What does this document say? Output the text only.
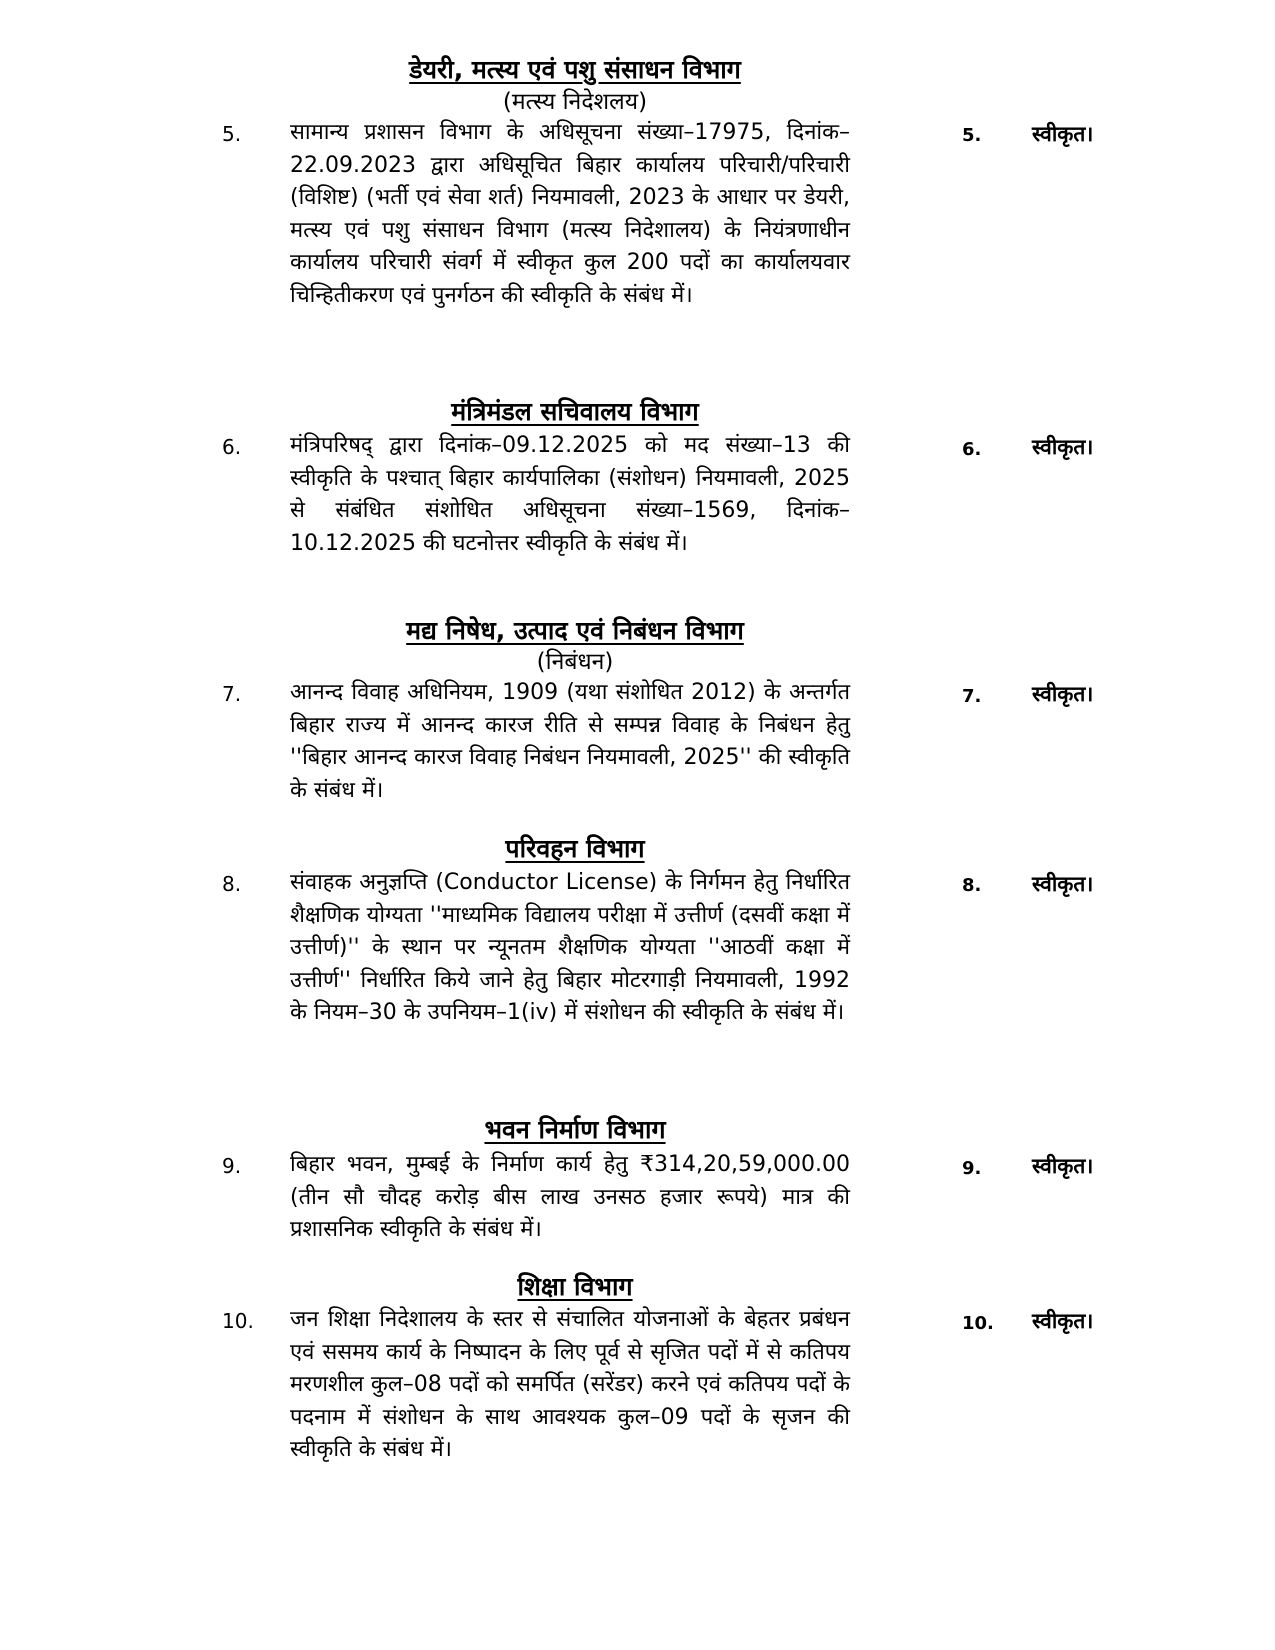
डेयरी, मत्स्य एवं पशु संसाधन विभाग
(मत्स्य निदेशलय)
5. सामान्य प्रशासन विभाग के अधिसूचना संख्या–17975, दिनांक–22.09.2023 द्वारा अधिसूचित बिहार कार्यालय परिचारी/परिचारी (विशिष्ट) (भर्ती एवं सेवा शर्त) नियमावली, 2023 के आधार पर डेयरी, मत्स्य एवं पशु संसाधन विभाग (मत्स्य निदेशालय) के नियंत्रणाधीन कार्यालय परिचारी संवर्ग में स्वीकृत कुल 200 पदों का कार्यालयवार चिन्हितीकरण एवं पुनर्गठन की स्वीकृति के संबंध में।
5. स्वीकृत।
मंत्रिमंडल सचिवालय विभाग
6. मंत्रिपरिषद् द्वारा दिनांक–09.12.2025 को मद संख्या–13 की स्वीकृति के पश्चात् बिहार कार्यपालिका (संशोधन) नियमावली, 2025 से संबंधित संशोधित अधिसूचना संख्या–1569, दिनांक–10.12.2025 की घटनोत्तर स्वीकृति के संबंध में।
6. स्वीकृत।
मद्य निषेध, उत्पाद एवं निबंधन विभाग
(निबंधन)
7. आनन्द विवाह अधिनियम, 1909 (यथा संशोधित 2012) के अन्तर्गत बिहार राज्य में आनन्द कारज रीति से सम्पन्न विवाह के निबंधन हेतु ''बिहार आनन्द कारज विवाह निबंधन नियमावली, 2025'' की स्वीकृति के संबंध में।
7. स्वीकृत।
परिवहन विभाग
8. संवाहक अनुज्ञप्ति (Conductor License) के निर्गमन हेतु निर्धारित शैक्षणिक योग्यता ''माध्यमिक विद्यालय परीक्षा में उत्तीर्ण (दसवीं कक्षा में उत्तीर्ण)'' के स्थान पर न्यूनतम शैक्षणिक योग्यता ''आठवीं कक्षा में उत्तीर्ण'' निर्धारित किये जाने हेतु बिहार मोटरगाड़ी नियमावली, 1992 के नियम–30 के उपनियम–1(iv) में संशोधन की स्वीकृति के संबंध में।
8. स्वीकृत।
भवन निर्माण विभाग
9. बिहार भवन, मुम्बई के निर्माण कार्य हेतु ₹314,20,59,000.00 (तीन सौ चौदह करोड़ बीस लाख उनसठ हजार रूपये) मात्र की प्रशासनिक स्वीकृति के संबंध में।
9. स्वीकृत।
शिक्षा विभाग
10. जन शिक्षा निदेशालय के स्तर से संचालित योजनाओं के बेहतर प्रबंधन एवं ससमय कार्य के निष्पादन के लिए पूर्व से सृजित पदों में से कतिपय मरणशील कुल–08 पदों को समर्पित (सरेंडर) करने एवं कतिपय पदों के पदनाम में संशोधन के साथ आवश्यक कुल–09 पदों के सृजन की स्वीकृति के संबंध में।
10. स्वीकृत।
